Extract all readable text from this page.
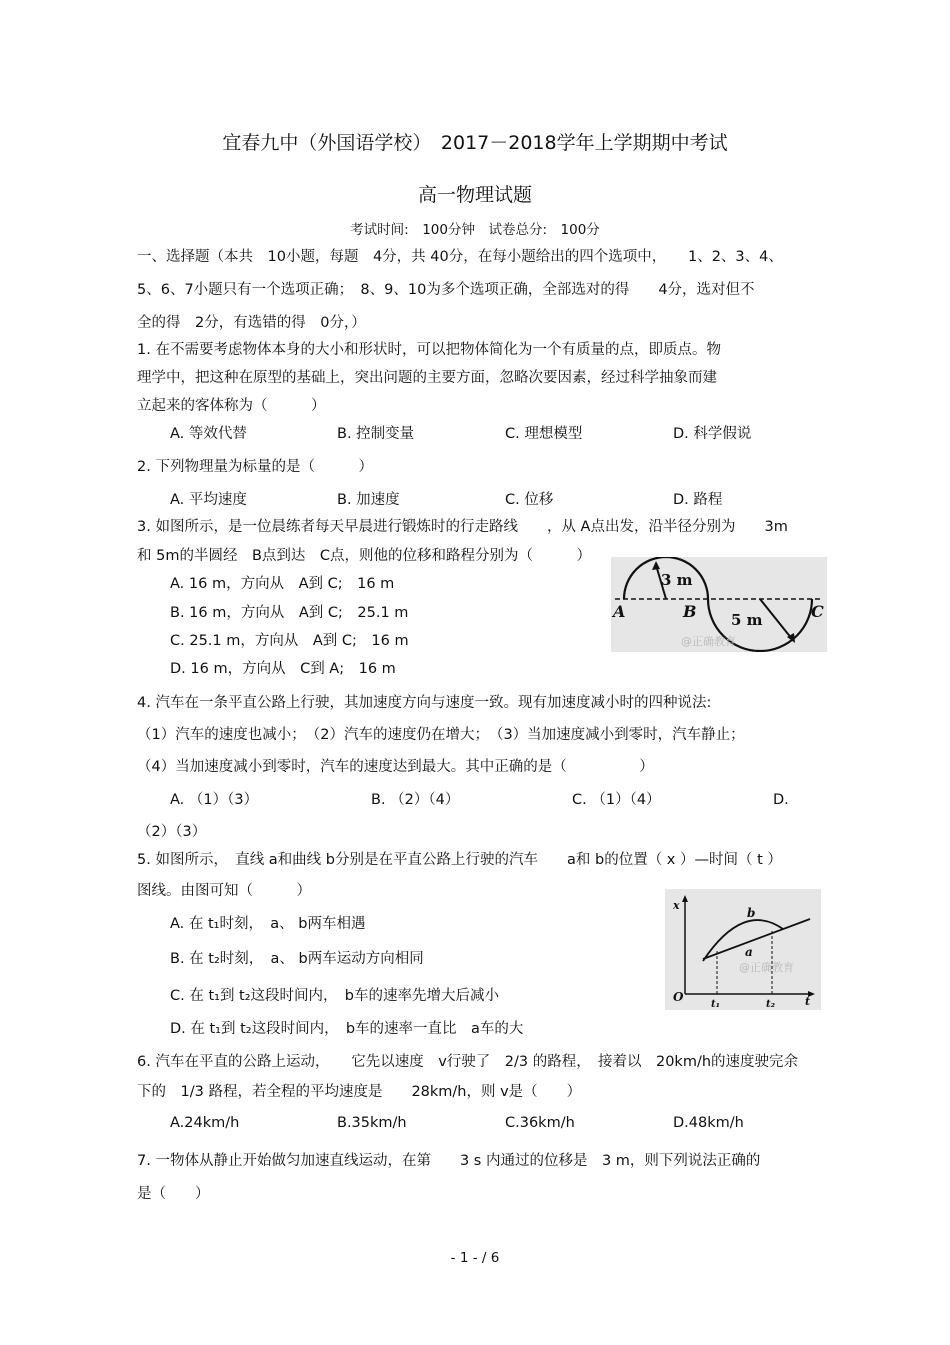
宜春九中（外国语学校）　2017－2018学年上学期期中考试
高一物理试题
考试时间:　100分钟　试卷总分:　100分
一、选择题（本共　10小题，每题　4分，共 40分，在每小题给出的四个选项中，　　1、2、3、4、
5、6、7小题只有一个选项正确；　8、9、10为多个选项正确，全部选对的得　　4分，选对但不
全的得　2分，有选错的得　0分，）
1. 在不需要考虑物体本身的大小和形状时，可以把物体简化为一个有质量的点，即质点。物
理学中，把这种在原型的基础上，突出问题的主要方面，忽略次要因素，经过科学抽象而建
立起来的客体称为（　　　）
A. 等效代替	B. 控制变量	C. 理想模型	D. 科学假说
2. 下列物理量为标量的是（　　　）
A. 平均速度	B. 加速度	C. 位移	D. 路程
3. 如图所示，是一位晨练者每天早晨进行锻炼时的行走路线　　，从 A点出发，沿半径分别为　　3m
和 5m的半圆经　B点到达　C点，则他的位移和路程分别为（　　　）
A. 16 m，方向从　A到 C;　16 m
B. 16 m，方向从　A到 C;　25.1 m
C. 25.1 m，方向从　A到 C;　16 m
D. 16 m，方向从　C到 A;　16 m
3 m
5 m
A	B	C
@正确教育
4. 汽车在一条平直公路上行驶，其加速度方向与速度一致。现有加速度减小时的四种说法:
（1）汽车的速度也减小；　（2）汽车的速度仍在增大；　（3）当加速度减小到零时，汽车静止；
（4）当加速度减小到零时，汽车的速度达到最大。其中正确的是（　　　　　）
A. （1）（3）	B. （2）（4）	C. （1）（4）	D.
（2）（3）
5. 如图所示，　直线 a和曲线 b分别是在平直公路上行驶的汽车　　a和 b的位置（ x ）—时间（ t ）
图线。由图可知（　　　）
A. 在 t₁时刻，　a、 b两车相遇
B. 在 t₂时刻，　a、 b两车运动方向相同
C. 在 t₁到 t₂这段时间内，　b车的速率先增大后减小
D. 在 t₁到 t₂这段时间内，　b车的速率一直比　a车的大
x
b
a
O
t₁	t₂	t
@正确教育
6. 汽车在平直的公路上运动，　　它先以速度　v行驶了　2/3 的路程，　接着以　20km/h的速度驶完余
下的　1/3 路程，若全程的平均速度是　　28km/h，则 v是（　　）
A.24km/h	B.35km/h	C.36km/h	D.48km/h
7. 一物体从静止开始做匀加速直线运动，在第　　3 s 内通过的位移是　3 m，则下列说法正确的
是（　　）
- 1 - / 6
